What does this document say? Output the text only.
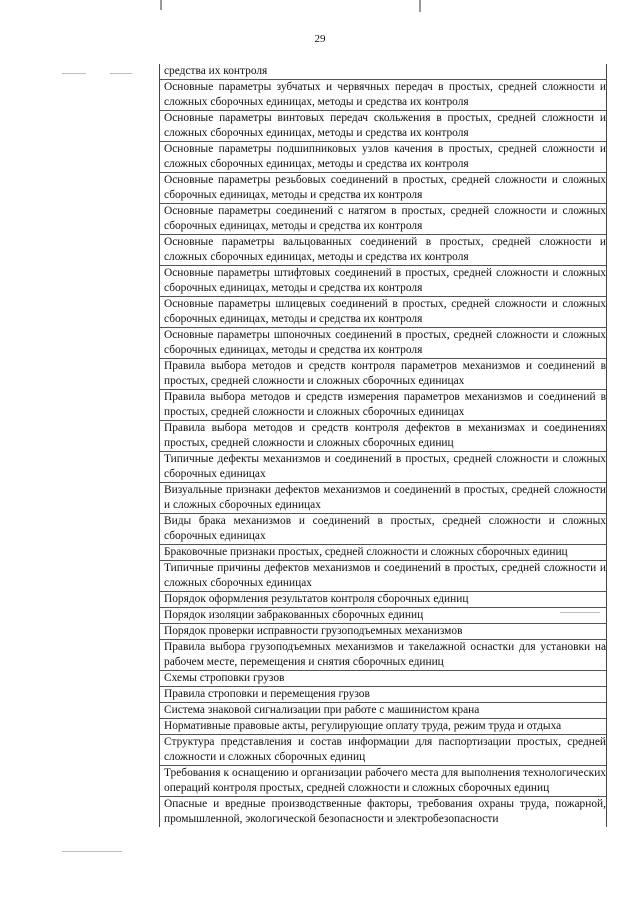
29
средства их контроля
Основные параметры зубчатых и червячных передач в простых, средней сложности и сложных сборочных единицах, методы и средства их контроля
Основные параметры винтовых передач скольжения в простых, средней сложности и сложных сборочных единицах, методы и средства их контроля
Основные параметры подшипниковых узлов качения в простых, средней сложности и сложных сборочных единицах, методы и средства их контроля
Основные параметры резьбовых соединений в простых, средней сложности и сложных сборочных единицах, методы и средства их контроля
Основные параметры соединений с натягом в простых, средней сложности и сложных сборочных единицах, методы и средства их контроля
Основные параметры вальцованных соединений в простых, средней сложности и сложных сборочных единицах, методы и средства их контроля
Основные параметры штифтовых соединений в простых, средней сложности и сложных сборочных единицах, методы и средства их контроля
Основные параметры шлицевых соединений в простых, средней сложности и сложных сборочных единицах, методы и средства их контроля
Основные параметры шпоночных соединений в простых, средней сложности и сложных сборочных единицах, методы и средства их контроля
Правила выбора методов и средств контроля параметров механизмов и соединений в простых, средней сложности и сложных сборочных единицах
Правила выбора методов и средств измерения параметров механизмов и соединений в простых, средней сложности и сложных сборочных единицах
Правила выбора методов и средств контроля дефектов в механизмах и соединениях простых, средней сложности и сложных сборочных единиц
Типичные дефекты механизмов и соединений в простых, средней сложности и сложных сборочных единицах
Визуальные признаки дефектов механизмов и соединений в простых, средней сложности и сложных сборочных единицах
Виды брака механизмов и соединений в простых, средней сложности и сложных сборочных единицах
Браковочные признаки простых, средней сложности и сложных сборочных единиц
Типичные причины дефектов механизмов и соединений в простых, средней сложности и сложных сборочных единицах
Порядок оформления результатов контроля сборочных единиц
Порядок изоляции забракованных сборочных единиц
Порядок проверки исправности грузоподъемных механизмов
Правила выбора грузоподъемных механизмов и такелажной оснастки для установки на рабочем месте, перемещения и снятия сборочных единиц
Схемы строповки грузов
Правила строповки и перемещения грузов
Система знаковой сигнализации при работе с машинистом крана
Нормативные правовые акты, регулирующие оплату труда, режим труда и отдыха
Структура представления и состав информации для паспортизации простых, средней сложности и сложных сборочных единиц
Требования к оснащению и организации рабочего места для выполнения технологических операций контроля простых, средней сложности и сложных сборочных единиц
Опасные и вредные производственные факторы, требования охраны труда, пожарной, промышленной, экологической безопасности и электробезопасности
